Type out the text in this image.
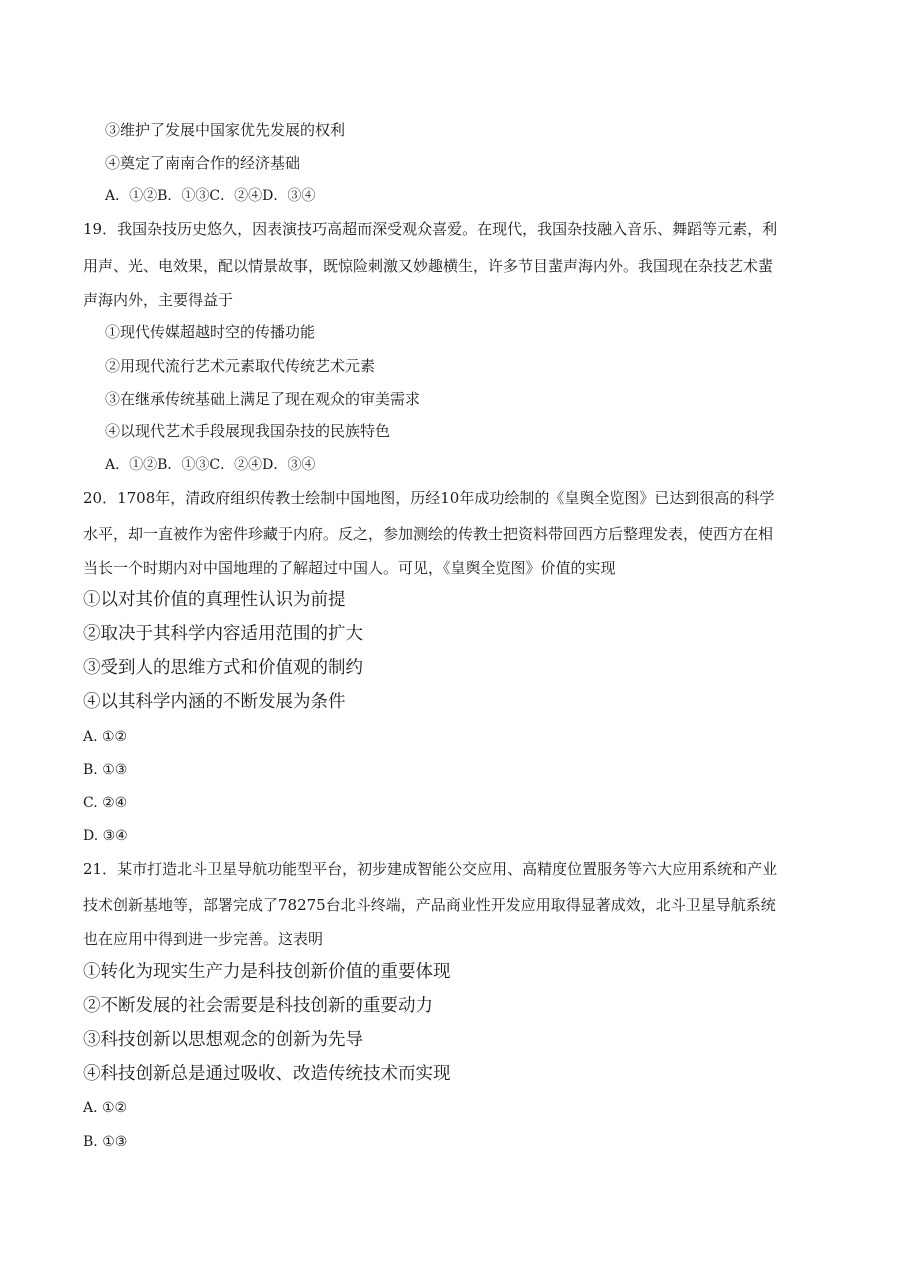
③维护了发展中国家优先发展的权利
④奠定了南南合作的经济基础
A．①②B．①③C．②④D．③④
19．我国杂技历史悠久，因表演技巧高超而深受观众喜爱。在现代，我国杂技融入音乐、舞蹈等元素，利
用声、光、电效果，配以情景故事，既惊险刺激又妙趣横生，许多节目蜚声海内外。我国现在杂技艺术蜚
声海内外，主要得益于
①现代传媒超越时空的传播功能
②用现代流行艺术元素取代传统艺术元素
③在继承传统基础上满足了现在观众的审美需求
④以现代艺术手段展现我国杂技的民族特色
A．①②B．①③C．②④D．③④
20．1708年，清政府组织传教士绘制中国地图，历经10年成功绘制的《皇舆全览图》已达到很高的科学
水平，却一直被作为密件珍藏于内府。反之，参加测绘的传教士把资料带回西方后整理发表，使西方在相
当长一个时期内对中国地理的了解超过中国人。可见，《皇舆全览图》价值的实现
①以对其价值的真理性认识为前提
②取决于其科学内容适用范围的扩大
③受到人的思维方式和价值观的制约
④以其科学内涵的不断发展为条件
A. ①②
B. ①③
C. ②④
D. ③④
21．某市打造北斗卫星导航功能型平台，初步建成智能公交应用、高精度位置服务等六大应用系统和产业
技术创新基地等，部署完成了78275台北斗终端，产品商业性开发应用取得显著成效，北斗卫星导航系统
也在应用中得到进一步完善。这表明
①转化为现实生产力是科技创新价值的重要体现
②不断发展的社会需要是科技创新的重要动力
③科技创新以思想观念的创新为先导
④科技创新总是通过吸收、改造传统技术而实现
A. ①②
B. ①③
